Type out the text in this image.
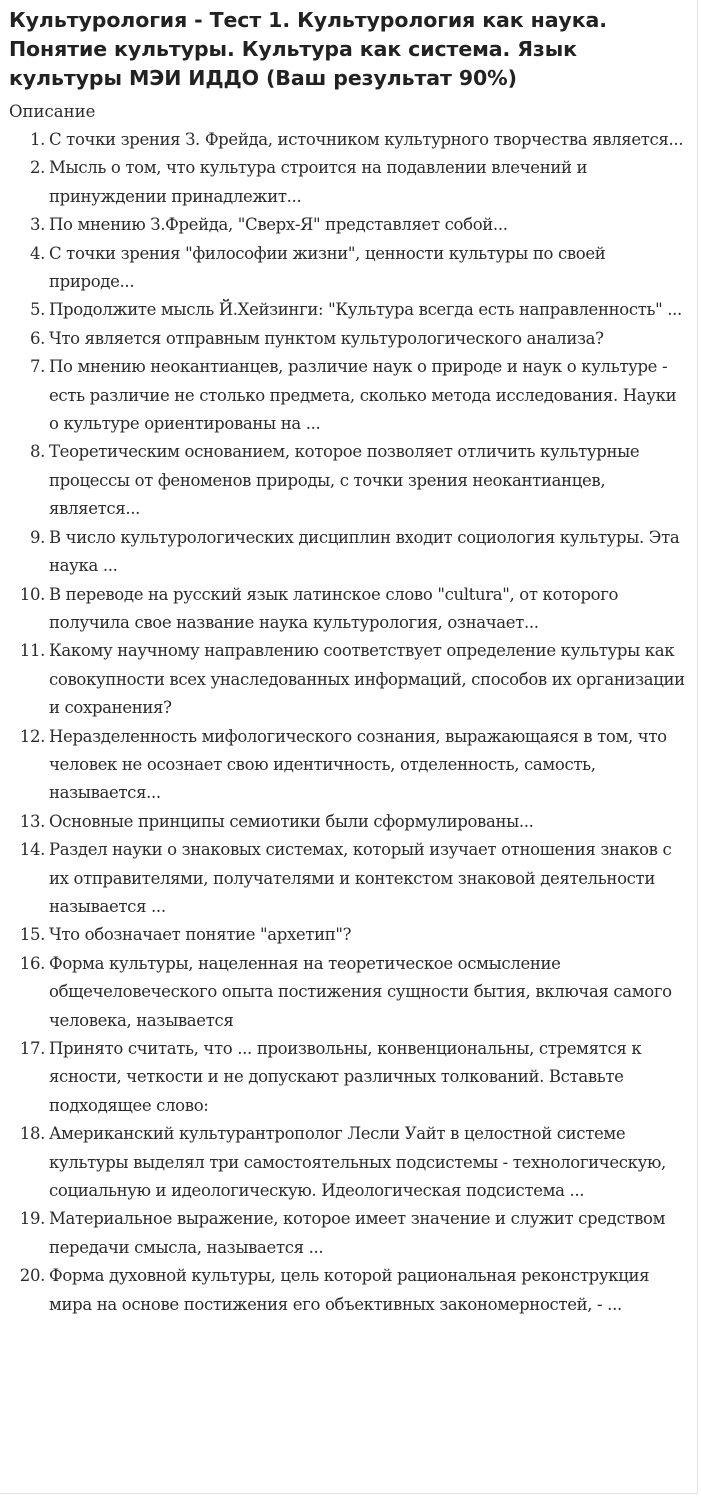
Культурология - Тест 1. Культурология как наука. Понятие культуры. Культура как система. Язык культуры МЭИ ИДДО (Ваш результат 90%)
Описание
1. С точки зрения З. Фрейда, источником культурного творчества является...
2. Мысль о том, что культура строится на подавлении влечений и принуждении принадлежит...
3. По мнению З.Фрейда, "Сверх-Я" представляет собой...
4. С точки зрения "философии жизни", ценности культуры по своей природе...
5. Продолжите мысль Й.Хейзинги: "Культура всегда есть направленность" ...
6. Что является отправным пунктом культурологического анализа?
7. По мнению неокантианцев, различие наук о природе и наук о культуре - есть различие не столько предмета, сколько метода исследования. Науки о культуре ориентированы на ...
8. Теоретическим основанием, которое позволяет отличить культурные процессы от феноменов природы, с точки зрения неокантианцев, является...
9. В число культурологических дисциплин входит социология культуры. Эта наука ...
10. В переводе на русский язык латинское слово "cultura", от которого получила свое название наука культурология, означает...
11. Какому научному направлению соответствует определение культуры как совокупности всех унаследованных информаций, способов их организации и сохранения?
12. Неразделенность мифологического сознания, выражающаяся в том, что человек не осознает свою идентичность, отделенность, самость, называется...
13. Основные принципы семиотики были сформулированы...
14. Раздел науки о знаковых системах, который изучает отношения знаков с их отправителями, получателями и контекстом знаковой деятельности называется ...
15. Что обозначает понятие "архетип"?
16. Форма культуры, нацеленная на теоретическое осмысление общечеловеческого опыта постижения сущности бытия, включая самого человека, называется
17. Принято считать, что ... произвольны, конвенциональны, стремятся к ясности, четкости и не допускают различных толкований. Вставьте подходящее слово:
18. Американский культурантрополог Лесли Уайт в целостной системе культуры выделял три самостоятельных подсистемы - технологическую, социальную и идеологическую. Идеологическая подсистема ...
19. Материальное выражение, которое имеет значение и служит средством передачи смысла, называется ...
20. Форма духовной культуры, цель которой рациональная реконструкция мира на основе постижения его объективных закономерностей, - ...
